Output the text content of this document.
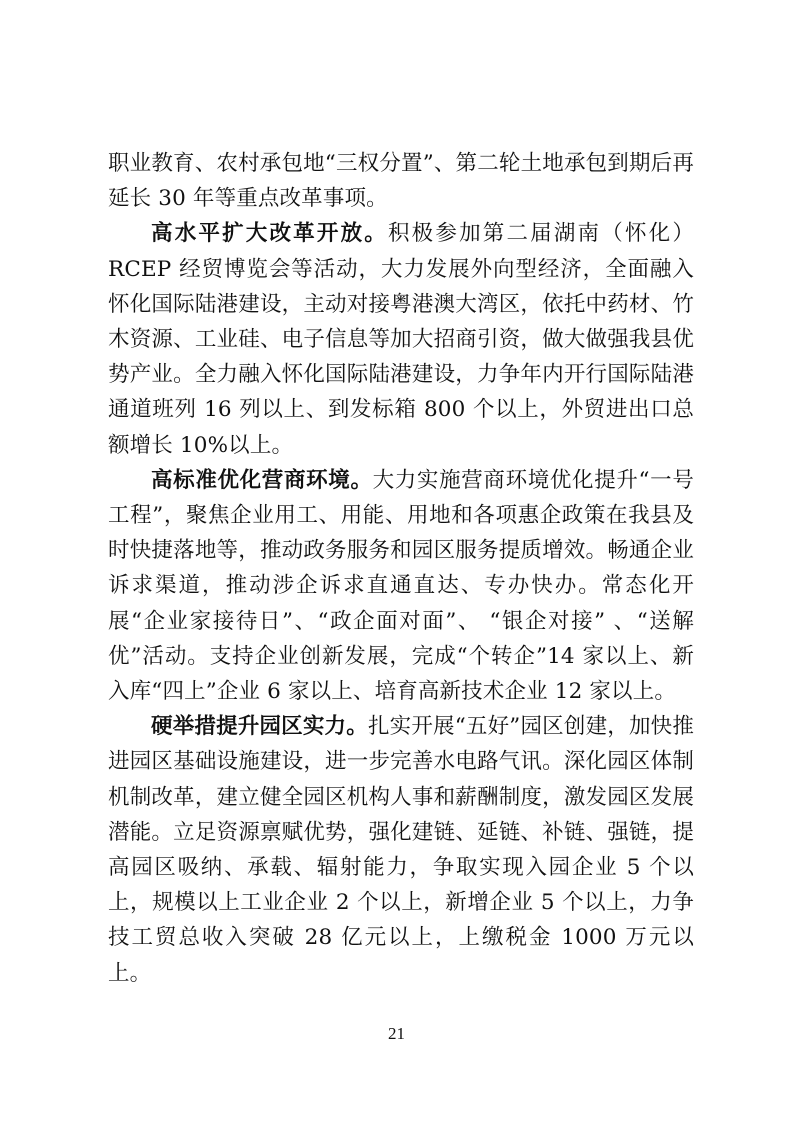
职业教育、农村承包地“三权分置”、第二轮土地承包到期后再延长 30 年等重点改革事项。

高水平扩大改革开放。积极参加第二届湖南（怀化）RCEP 经贸博览会等活动，大力发展外向型经济，全面融入怀化国际陆港建设，主动对接粤港澳大湾区，依托中药材、竹木资源、工业硅、电子信息等加大招商引资，做大做强我县优势产业。全力融入怀化国际陆港建设，力争年内开行国际陆港通道班列 16 列以上、到发标箱 800 个以上，外贸进出口总额增长 10%以上。

高标准优化营商环境。大力实施营商环境优化提升“一号工程”，聚焦企业用工、用能、用地和各项惠企政策在我县及时快捷落地等，推动政务服务和园区服务提质增效。畅通企业诉求渠道，推动涉企诉求直通直达、专办快办。常态化开展“企业家接待日”、“政企面对面”、 “银企对接” 、“送解优”活动。支持企业创新发展，完成“个转企”14 家以上、新入库“四上”企业 6 家以上、培育高新技术企业 12 家以上。

硬举措提升园区实力。扎实开展“五好”园区创建，加快推进园区基础设施建设，进一步完善水电路气讯。深化园区体制机制改革，建立健全园区机构人事和薪酬制度，激发园区发展潜能。立足资源禀赋优势，强化建链、延链、补链、强链，提高园区吸纳、承载、辐射能力，争取实现入园企业 5 个以上，规模以上工业企业 2 个以上，新增企业 5 个以上，力争技工贸总收入突破 28 亿元以上，上缴税金 1000 万元以上。

21
